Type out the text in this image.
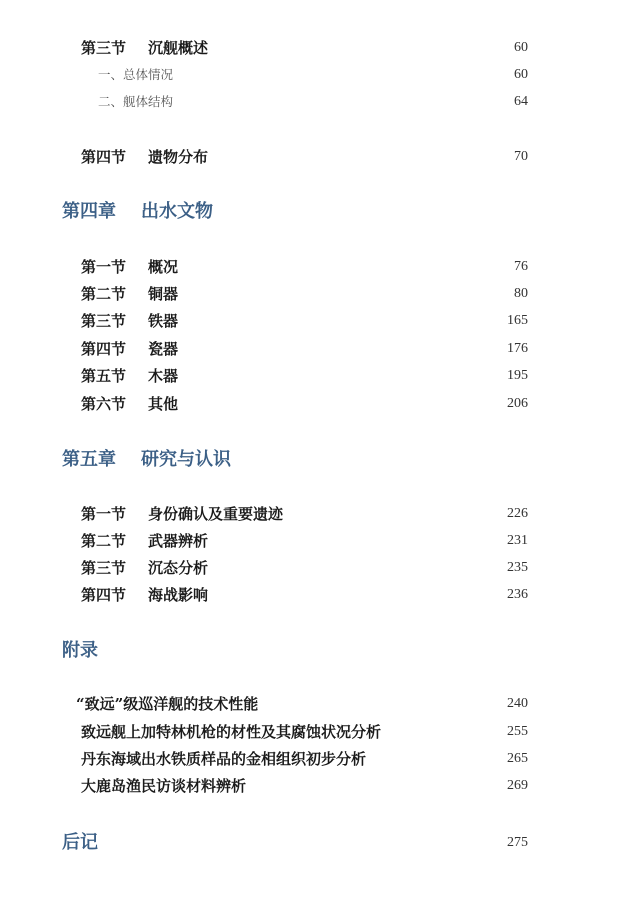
第三节 沉舰概述	60
一、总体情况	60
二、舰体结构	64
第四节 遗物分布	70
第四章 出水文物
第一节 概况	76
第二节 铜器	80
第三节 铁器	165
第四节 瓷器	176
第五节 木器	195
第六节 其他	206
第五章 研究与认识
第一节 身份确认及重要遗迹	226
第二节 武器辨析	231
第三节 沉态分析	235
第四节 海战影响	236
附录
“致远”级巡洋舰的技术性能	240
致远舰上加特林机枪的材性及其腐蚀状况分析	255
丹东海域出水铁质样品的金相组织初步分析	265
大鹿岛渔民访谈材料辨析	269
后记	275
